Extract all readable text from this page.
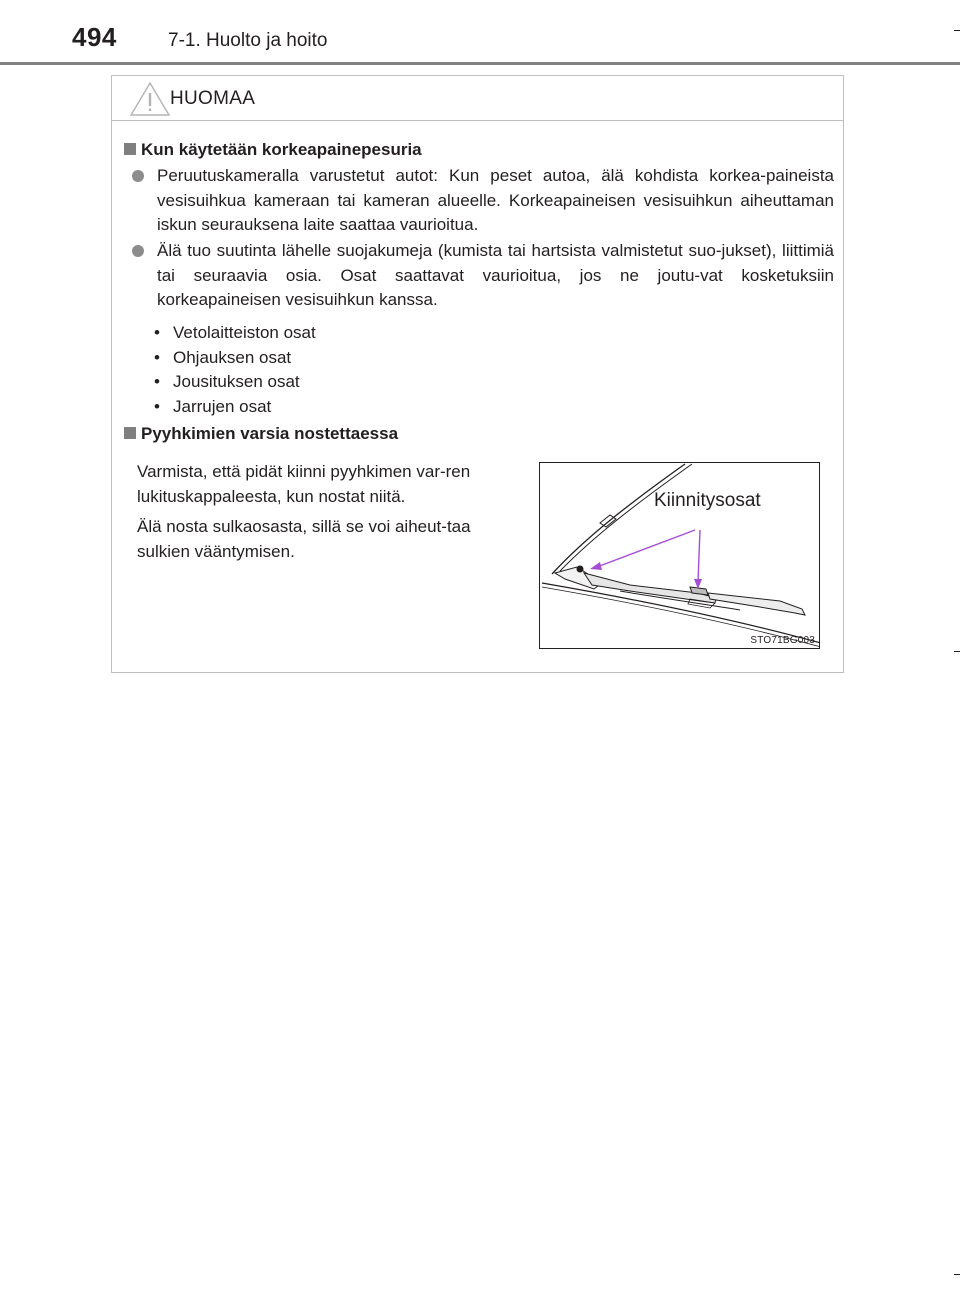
494	7-1. Huolto ja hoito
HUOMAA
Kun käytetään korkeapainepesuria
Peruutuskameralla varustetut autot: Kun peset autoa, älä kohdista korkea-paineista vesisuihkua kameraan tai kameran alueelle. Korkeapaineisen vesisuihkun aiheuttaman iskun seurauksena laite saattaa vaurioitua.
Älä tuo suutinta lähelle suojakumeja (kumista tai hartsista valmistetut suo-jukset), liittimiä tai seuraavia osia. Osat saattavat vaurioitua, jos ne joutu-vat kosketuksiin korkeapaineisen vesisuihkun kanssa.
• Vetolaitteiston osat
• Ohjauksen osat
• Jousituksen osat
• Jarrujen osat
Pyyhkimien varsia nostettaessa
Varmista, että pidät kiinni pyyhkimen var-ren lukituskappaleesta, kun nostat niitä.
Älä nosta sulkaosasta, sillä se voi aiheut-taa sulkien vääntymisen.
Kiinnitysosat
STO71BG003
